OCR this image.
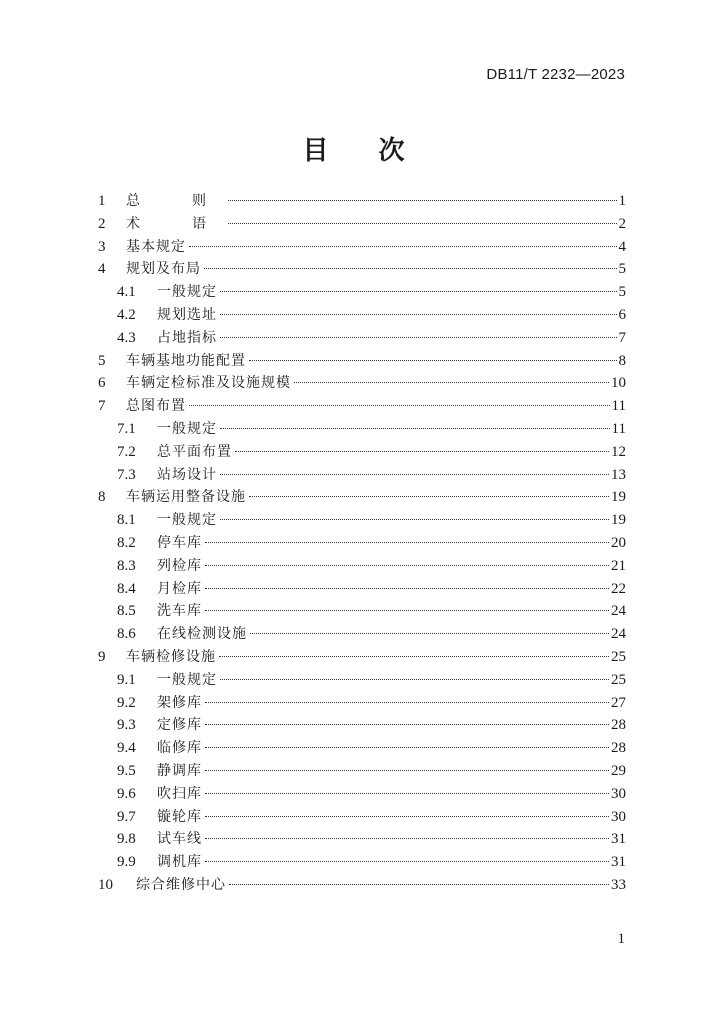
DB11/T 2232—2023
目 次
1	总　则	1
2	术　语	2
3	基本规定	4
4	规划及布局	5
4.1	一般规定	5
4.2	规划选址	6
4.3	占地指标	7
5	车辆基地功能配置	8
6	车辆定检标准及设施规模	10
7	总图布置	11
7.1	一般规定	11
7.2	总平面布置	12
7.3	站场设计	13
8	车辆运用整备设施	19
8.1	一般规定	19
8.2	停车库	20
8.3	列检库	21
8.4	月检库	22
8.5	洗车库	24
8.6	在线检测设施	24
9	车辆检修设施	25
9.1	一般规定	25
9.2	架修库	27
9.3	定修库	28
9.4	临修库	28
9.5	静调库	29
9.6	吹扫库	30
9.7	镟轮库	30
9.8	试车线	31
9.9	调机库	31
10	综合维修中心	33
1
